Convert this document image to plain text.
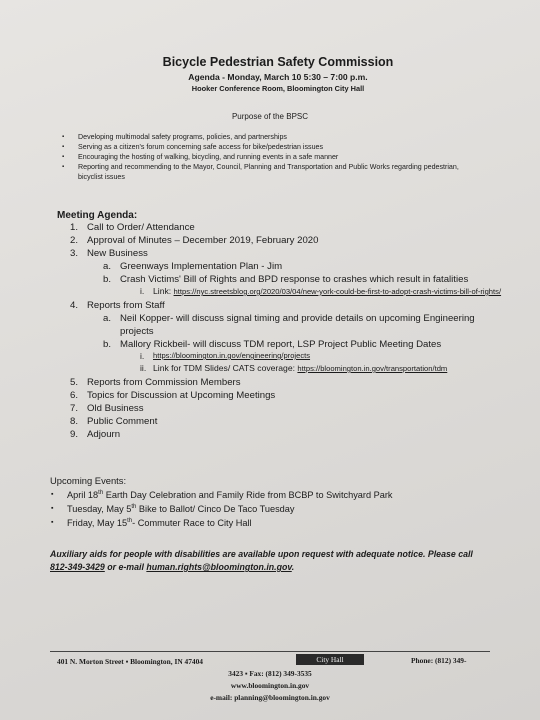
Bicycle Pedestrian Safety Commission
Agenda - Monday, March 10 5:30 – 7:00 p.m.
Hooker Conference Room, Bloomington City Hall
Purpose of the BPSC
▪ Developing multimodal safety programs, policies, and partnerships
▪ Serving as a citizen's forum concerning safe access for bike/pedestrian issues
▪ Encouraging the hosting of walking, bicycling, and running events in a safe manner
▪ Reporting and recommending to the Mayor, Council, Planning and Transportation and Public Works regarding pedestrian, bicyclist issues
Meeting Agenda:
1. Call to Order/ Attendance
2. Approval of Minutes – December 2019, February 2020
3. New Business
a. Greenways Implementation Plan - Jim
b. Crash Victims' Bill of Rights and BPD response to crashes which result in fatalities
i. Link: https://nyc.streetsblog.org/2020/03/04/new-york-could-be-first-to-adopt-crash-victims-bill-of-rights/
4. Reports from Staff
a. Neil Kopper- will discuss signal timing and provide details on upcoming Engineering projects
b. Mallory Rickbeil- will discuss TDM report, LSP Project Public Meeting Dates
i. https://bloomington.in.gov/engineering/projects
ii. Link for TDM Slides/ CATS coverage: https://bloomington.in.gov/transportation/tdm
5. Reports from Commission Members
6. Topics for Discussion at Upcoming Meetings
7. Old Business
8. Public Comment
9. Adjourn
Upcoming Events:
▪ April 18th Earth Day Celebration and Family Ride from BCBP to Switchyard Park
▪ Tuesday, May 5th Bike to Ballot/ Cinco De Taco Tuesday
▪ Friday, May 15th- Commuter Race to City Hall
Auxiliary aids for people with disabilities are available upon request with adequate notice. Please call 812-349-3429 or e-mail human.rights@bloomington.in.gov.
401 N. Morton Street ▪ Bloomington, IN 47404	City Hall	Phone: (812) 349-
3423 ▪ Fax: (812) 349-3535
www.bloomington.in.gov
e-mail: planning@bloomington.in.gov
